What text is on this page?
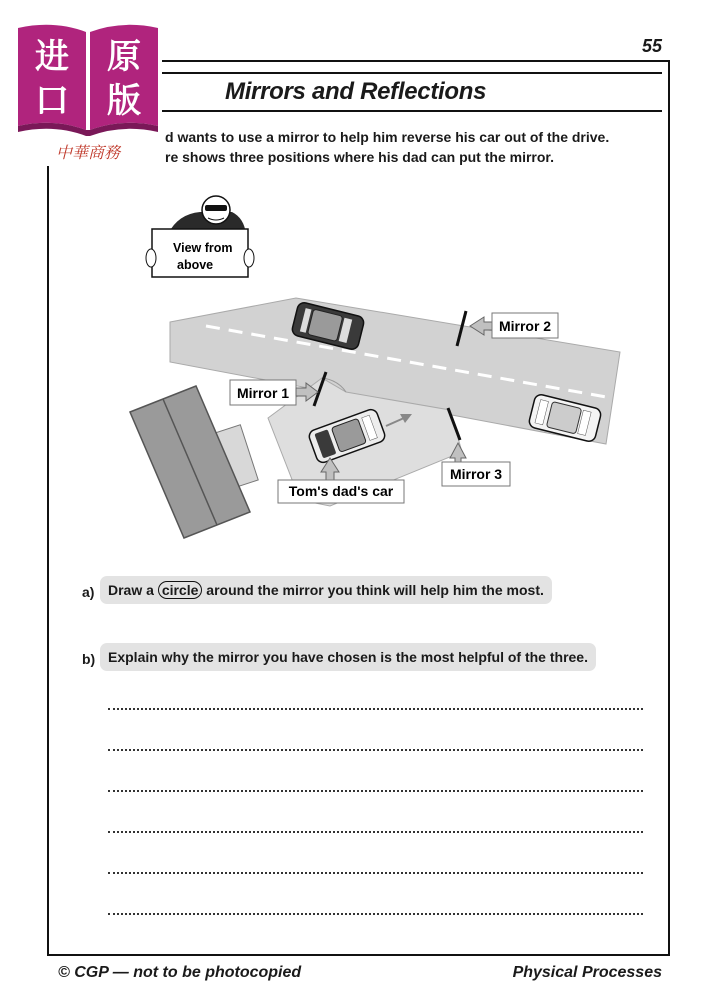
55
Mirrors and Reflections
d wants to use a mirror to help him reverse his car out of the drive.
re shows three positions where his dad can put the mirror.
进 原
口 版
中華商務
Mirror 2
Mirror 1
Mirror 3
Tom's dad's car
View from
above
a) Draw a circle around the mirror you think will help him the most.
b) Explain why the mirror you have chosen is the most helpful of the three.
© CGP — not to be photocopied	Physical Processes
